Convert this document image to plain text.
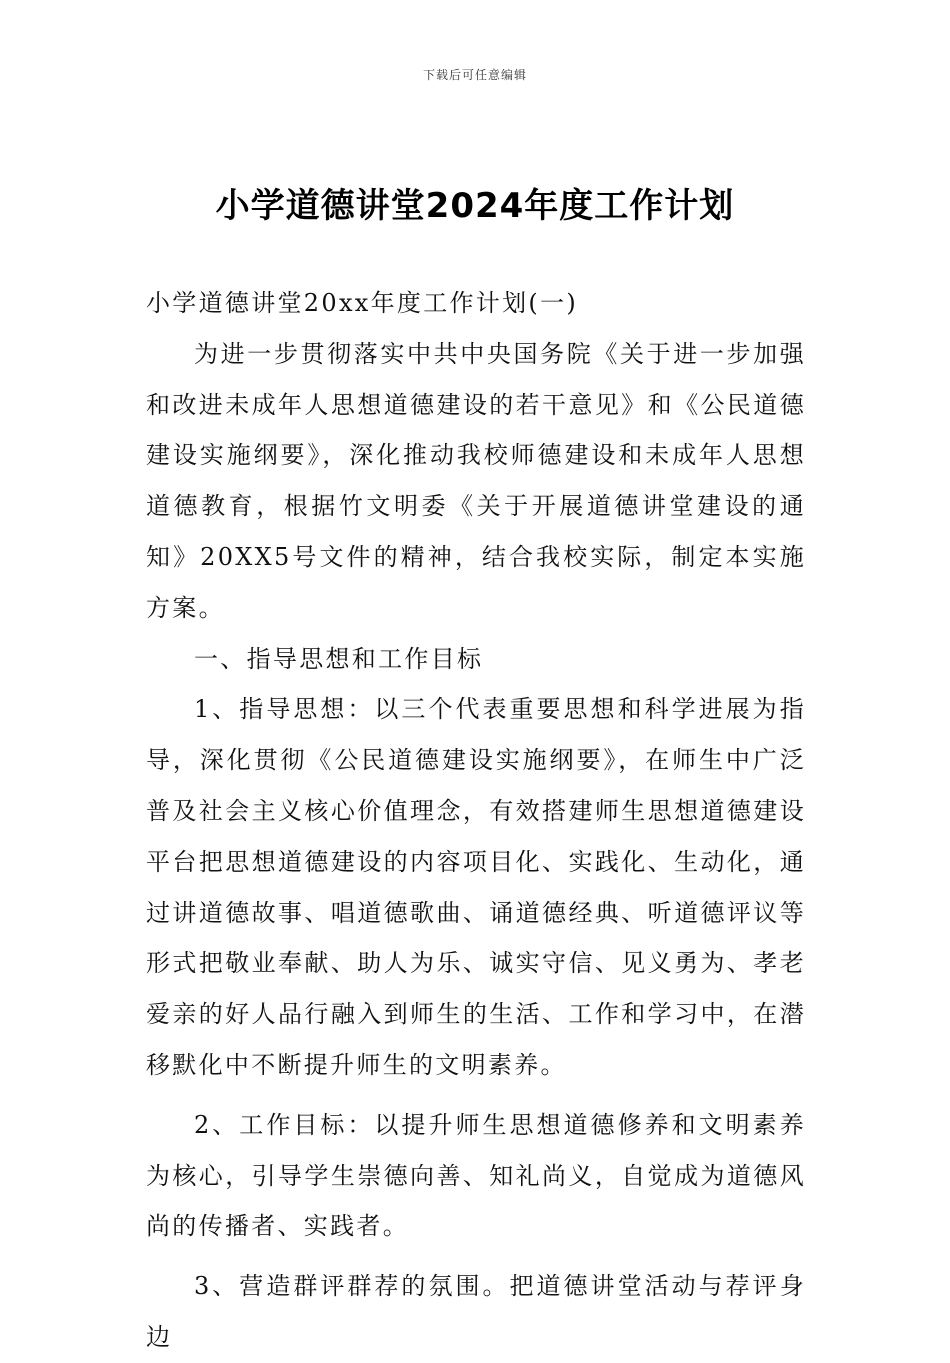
下载后可任意编辑
小学道德讲堂2024年度工作计划

小学道德讲堂20xx年度工作计划(一)

为进一步贯彻落实中共中央国务院《关于进一步加强和改进未成年人思想道德建设的若干意见》和《公民道德建设实施纲要》，深化推动我校师德建设和未成年人思想道德教育，根据竹文明委《关于开展道德讲堂建设的通知》20XX5号文件的精神，结合我校实际，制定本实施方案。

一、指导思想和工作目标

1、指导思想：以三个代表重要思想和科学进展为指导，深化贯彻《公民道德建设实施纲要》，在师生中广泛普及社会主义核心价值理念，有效搭建师生思想道德建设平台把思想道德建设的内容项目化、实践化、生动化，通过讲道德故事、唱道德歌曲、诵道德经典、听道德评议等形式把敬业奉献、助人为乐、诚实守信、见义勇为、孝老爱亲的好人品行融入到师生的生活、工作和学习中，在潜移默化中不断提升师生的文明素养。

2、工作目标：以提升师生思想道德修养和文明素养为核心，引导学生崇德向善、知礼尚义，自觉成为道德风尚的传播者、实践者。

3、营造群评群荐的氛围。把道德讲堂活动与荐评身边
